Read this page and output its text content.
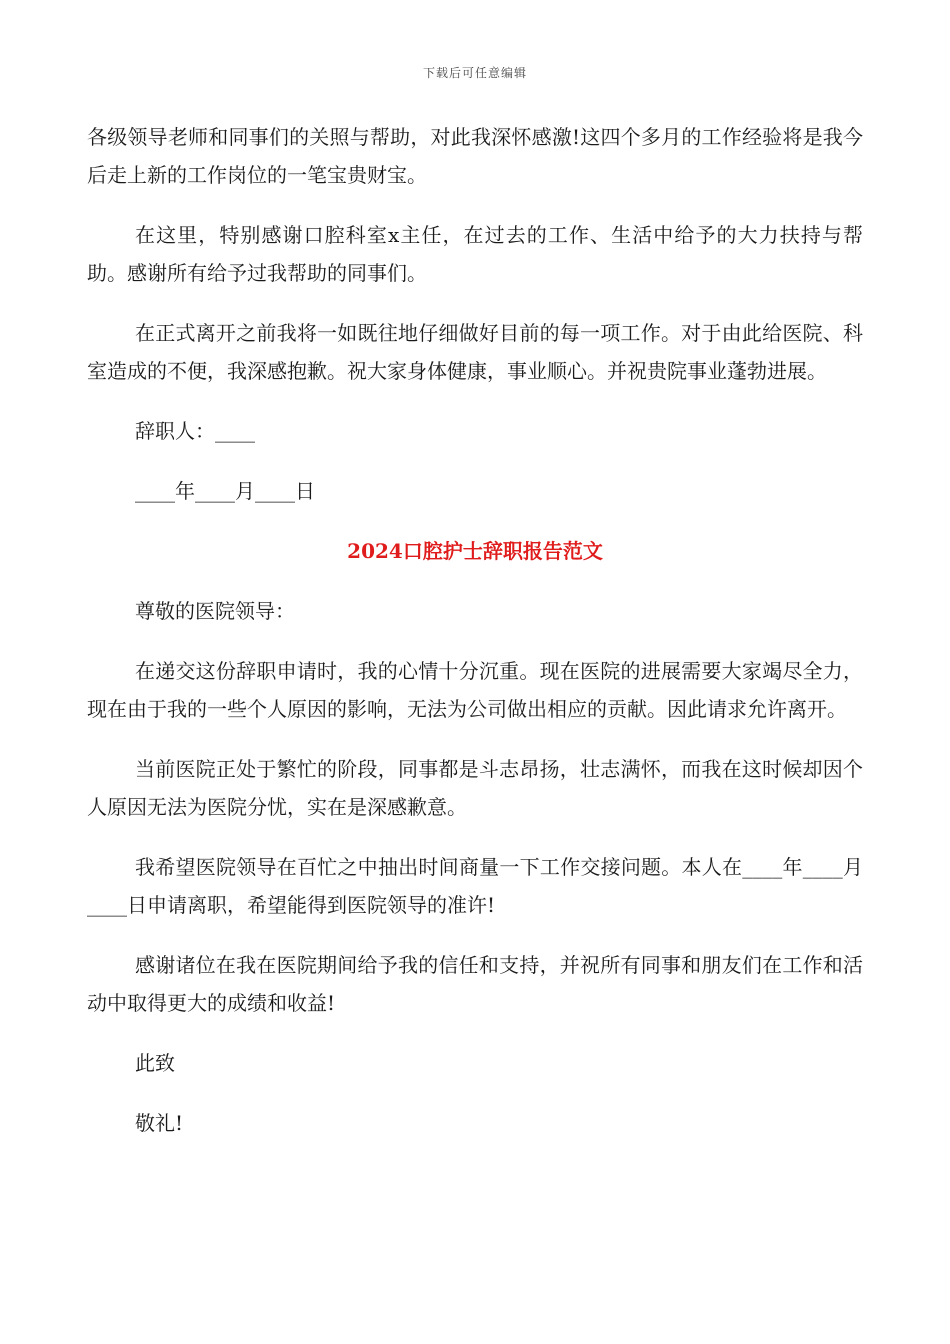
下载后可任意编辑

各级领导老师和同事们的关照与帮助，对此我深怀感激!这四个多月的工作经验将是我今后走上新的工作岗位的一笔宝贵财宝。

在这里，特别感谢口腔科室x主任，在过去的工作、生活中给予的大力扶持与帮助。感谢所有给予过我帮助的同事们。

在正式离开之前我将一如既往地仔细做好目前的每一项工作。对于由此给医院、科室造成的不便，我深感抱歉。祝大家身体健康，事业顺心。并祝贵院事业蓬勃进展。

辞职人：____

____年____月____日

2024口腔护士辞职报告范文

尊敬的医院领导：

在递交这份辞职申请时，我的心情十分沉重。现在医院的进展需要大家竭尽全力，现在由于我的一些个人原因的影响，无法为公司做出相应的贡献。因此请求允许离开。

当前医院正处于繁忙的阶段，同事都是斗志昂扬，壮志满怀，而我在这时候却因个人原因无法为医院分忧，实在是深感歉意。

我希望医院领导在百忙之中抽出时间商量一下工作交接问题。本人在____年____月____日申请离职，希望能得到医院领导的准许!

感谢诸位在我在医院期间给予我的信任和支持，并祝所有同事和朋友们在工作和活动中取得更大的成绩和收益!

此致

敬礼!
